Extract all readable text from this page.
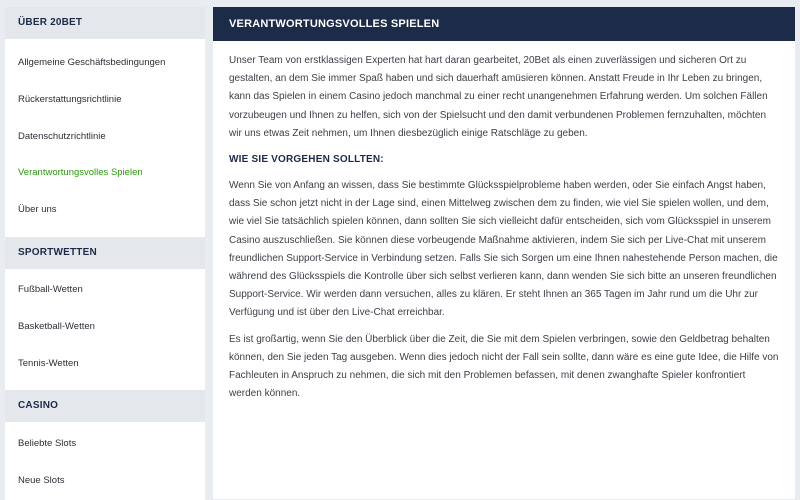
ÜBER 20BET
Allgemeine Geschäftsbedingungen
Rückerstattungsrichtlinie
Datenschutzrichtlinie
Verantwortungsvolles Spielen
Über uns
SPORTWETTEN
Fußball-Wetten
Basketball-Wetten
Tennis-Wetten
CASINO
Beliebte Slots
Neue Slots
VERANTWORTUNGSVOLLES SPIELEN

Unser Team von erstklassigen Experten hat hart daran gearbeitet, 20Bet als einen zuverlässigen und sicheren Ort zu gestalten, an dem Sie immer Spaß haben und sich dauerhaft amüsieren können. Anstatt Freude in Ihr Leben zu bringen, kann das Spielen in einem Casino jedoch manchmal zu einer recht unangenehmen Erfahrung werden. Um solchen Fällen vorzubeugen und Ihnen zu helfen, sich von der Spielsucht und den damit verbundenen Problemen fernzuhalten, möchten wir uns etwas Zeit nehmen, um Ihnen diesbezüglich einige Ratschläge zu geben.

WIE SIE VORGEHEN SOLLTEN:

Wenn Sie von Anfang an wissen, dass Sie bestimmte Glücksspielprobleme haben werden, oder Sie einfach Angst haben, dass Sie schon jetzt nicht in der Lage sind, einen Mittelweg zwischen dem zu finden, wie viel Sie spielen wollen, und dem, wie viel Sie tatsächlich spielen können, dann sollten Sie sich vielleicht dafür entscheiden, sich vom Glücksspiel in unserem Casino auszuschließen. Sie können diese vorbeugende Maßnahme aktivieren, indem Sie sich per Live-Chat mit unserem freundlichen Support-Service in Verbindung setzen. Falls Sie sich Sorgen um eine Ihnen nahestehende Person machen, die während des Glücksspiels die Kontrolle über sich selbst verlieren kann, dann wenden Sie sich bitte an unseren freundlichen Support-Service. Wir werden dann versuchen, alles zu klären. Er steht Ihnen an 365 Tagen im Jahr rund um die Uhr zur Verfügung und ist über den Live-Chat erreichbar.

Es ist großartig, wenn Sie den Überblick über die Zeit, die Sie mit dem Spielen verbringen, sowie den Geldbetrag behalten können, den Sie jeden Tag ausgeben. Wenn dies jedoch nicht der Fall sein sollte, dann wäre es eine gute Idee, die Hilfe von Fachleuten in Anspruch zu nehmen, die sich mit den Problemen befassen, mit denen zwanghafte Spieler konfrontiert werden können.
